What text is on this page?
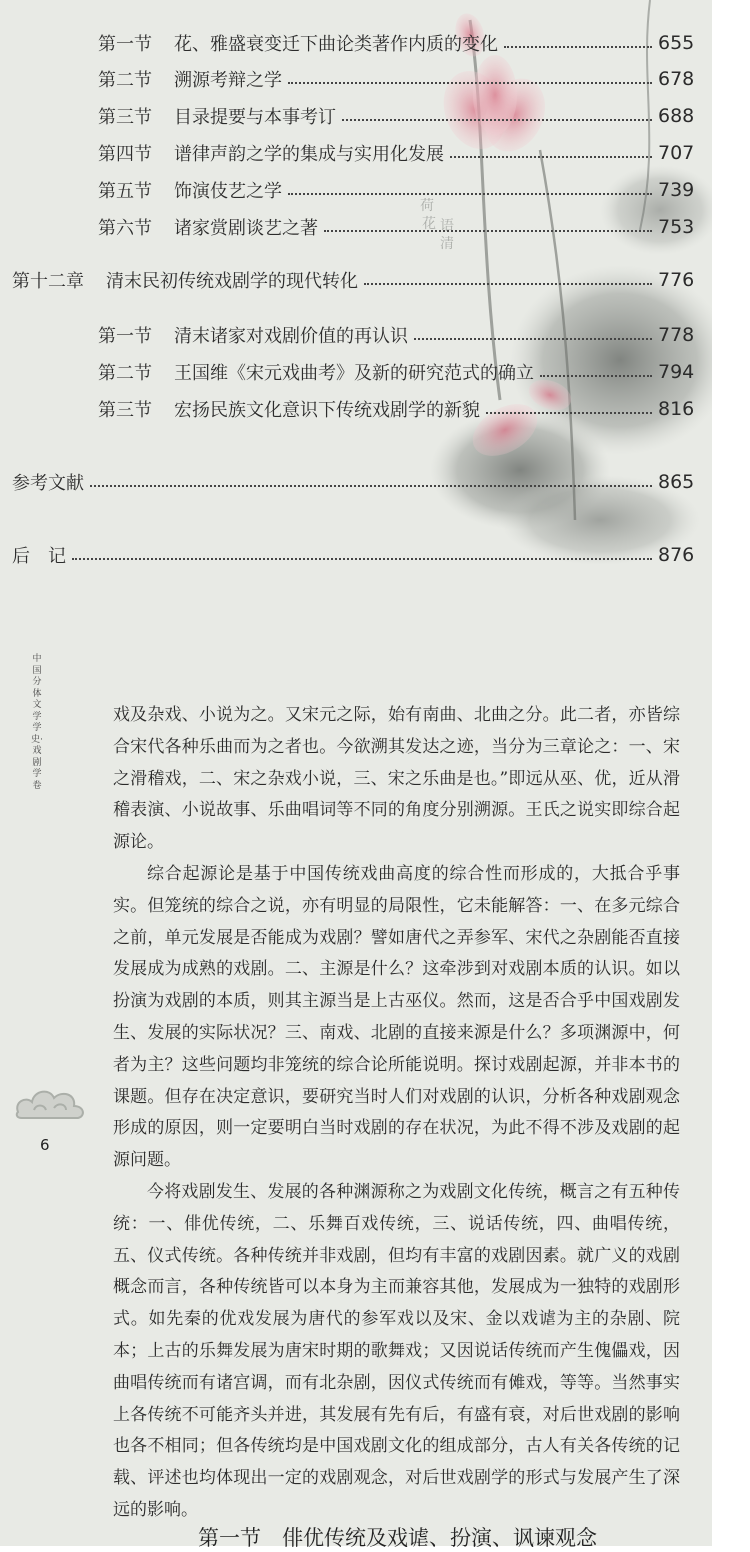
荷
花 语
清
第一节 花、雅盛衰变迁下曲论类著作内质的变化	655
第二节 溯源考辩之学	678
第三节 目录提要与本事考订	688
第四节 谱律声韵之学的集成与实用化发展	707
第五节 饰演伎艺之学	739
第六节 诸家赏剧谈艺之著	753
第十二章 清末民初传统戏剧学的现代转化	776
第一节 清末诸家对戏剧价值的再认识	778
第二节 王国维《宋元戏曲考》及新的研究范式的确立	794
第三节 宏扬民族文化意识下传统戏剧学的新貌	816
参考文献	865
后　记	876
中国分体文学学史·戏剧学卷
6

戏及杂戏、小说为之。又宋元之际，始有南曲、北曲之分。此二者，亦皆综合宋代各种乐曲而为之者也。今欲溯其发达之迹，当分为三章论之：一、宋之滑稽戏，二、宋之杂戏小说，三、宋之乐曲是也。”即远从巫、优，近从滑稽表演、小说故事、乐曲唱词等不同的角度分别溯源。王氏之说实即综合起源论。

综合起源论是基于中国传统戏曲高度的综合性而形成的，大抵合乎事实。但笼统的综合之说，亦有明显的局限性，它未能解答：一、在多元综合之前，单元发展是否能成为戏剧？譬如唐代之弄参军、宋代之杂剧能否直接发展成为成熟的戏剧。二、主源是什么？这牵涉到对戏剧本质的认识。如以扮演为戏剧的本质，则其主源当是上古巫仪。然而，这是否合乎中国戏剧发生、发展的实际状况？三、南戏、北剧的直接来源是什么？多项渊源中，何者为主？这些问题均非笼统的综合论所能说明。探讨戏剧起源，并非本书的课题。但存在决定意识，要研究当时人们对戏剧的认识，分析各种戏剧观念形成的原因，则一定要明白当时戏剧的存在状况，为此不得不涉及戏剧的起源问题。

今将戏剧发生、发展的各种渊源称之为戏剧文化传统，概言之有五种传统：一、俳优传统，二、乐舞百戏传统，三、说话传统，四、曲唱传统，五、仪式传统。各种传统并非戏剧，但均有丰富的戏剧因素。就广义的戏剧概念而言，各种传统皆可以本身为主而兼容其他，发展成为一独特的戏剧形式。如先秦的优戏发展为唐代的参军戏以及宋、金以戏谑为主的杂剧、院本；上古的乐舞发展为唐宋时期的歌舞戏；又因说话传统而产生傀儡戏，因曲唱传统而有诸宫调，而有北杂剧，因仪式传统而有傩戏，等等。当然事实上各传统不可能齐头并进，其发展有先有后，有盛有衰，对后世戏剧的影响也各不相同；但各传统均是中国戏剧文化的组成部分，古人有关各传统的记载、评述也均体现出一定的戏剧观念，对后世戏剧学的形式与发展产生了深远的影响。

第一节　俳优传统及戏谑、扮演、讽谏观念
